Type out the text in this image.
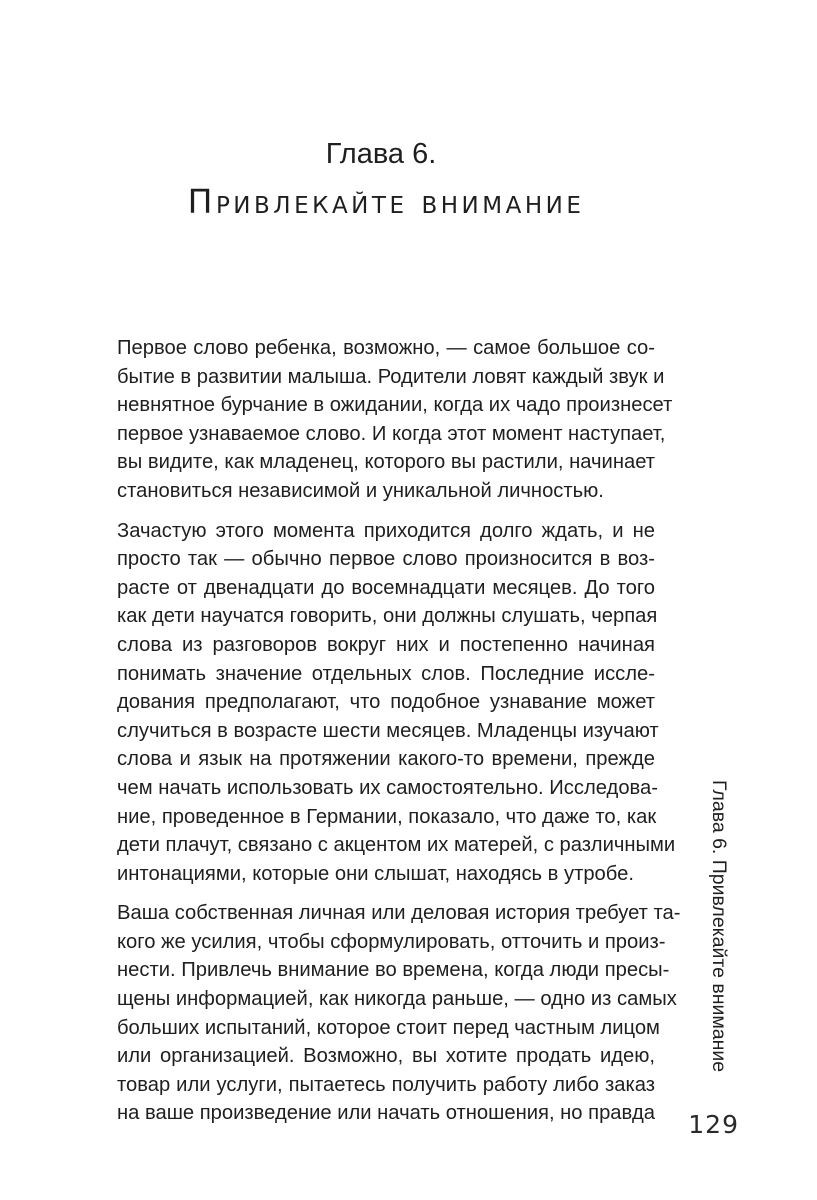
Глава 6.
Привлекайте внимание

Первое слово ребенка, возможно, — самое большое со-
бытие в развитии малыша. Родители ловят каждый звук и
невнятное бурчание в ожидании, когда их чадо произнесет
первое узнаваемое слово. И когда этот момент наступает,
вы видите, как младенец, которого вы растили, начинает
становиться независимой и уникальной личностью.

Зачастую этого момента приходится долго ждать, и не
просто так — обычно первое слово произносится в воз-
расте от двенадцати до восемнадцати месяцев. До того
как дети научатся говорить, они должны слушать, черпая
слова из разговоров вокруг них и постепенно начиная
понимать значение отдельных слов. Последние иссле-
дования предполагают, что подобное узнавание может
случиться в возрасте шести месяцев. Младенцы изучают
слова и язык на протяжении какого-то времени, прежде
чем начать использовать их самостоятельно. Исследова-
ние, проведенное в Германии, показало, что даже то, как
дети плачут, связано с акцентом их матерей, с различными
интонациями, которые они слышат, находясь в утробе.

Ваша собственная личная или деловая история требует та-
кого же усилия, чтобы сформулировать, отточить и произ-
нести. Привлечь внимание во времена, когда люди пресы-
щены информацией, как никогда раньше, — одно из самых
больших испытаний, которое стоит перед частным лицом
или организацией. Возможно, вы хотите продать идею,
товар или услуги, пытаетесь получить работу либо заказ
на ваше произведение или начать отношения, но правда

Глава 6. Привлекайте внимание
129
